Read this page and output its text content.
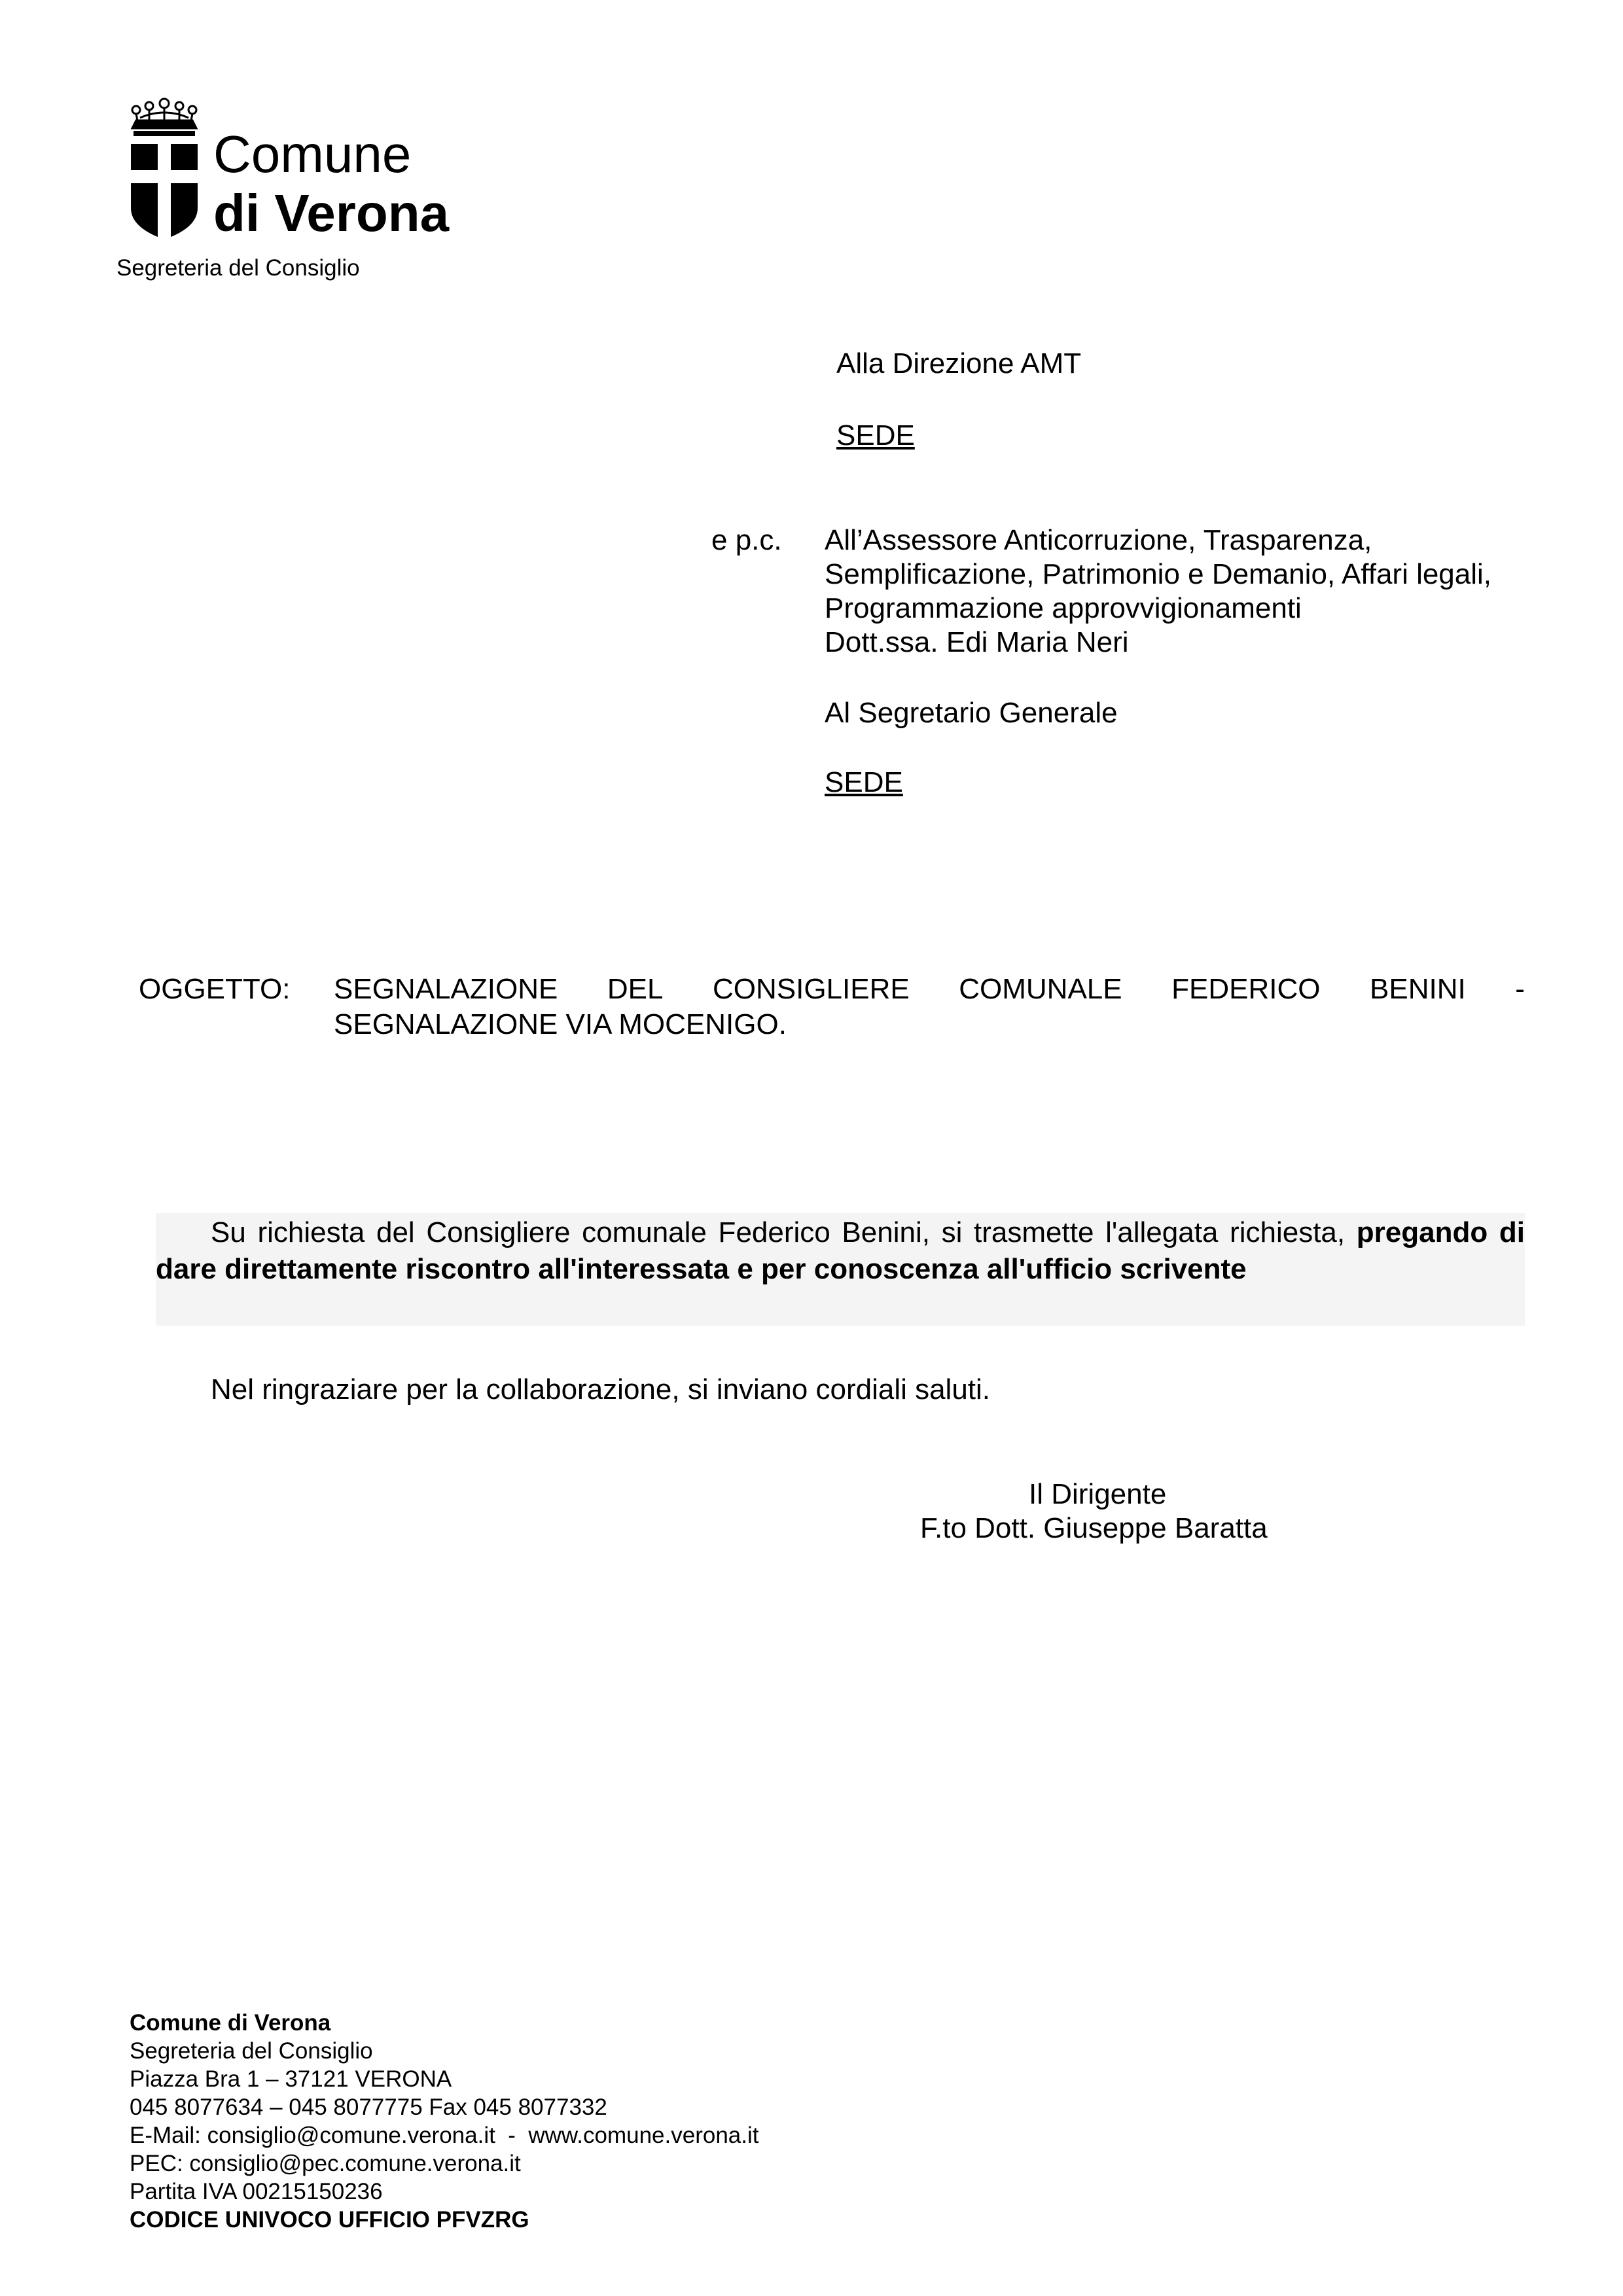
Comune
di Verona
Segreteria del Consiglio
Alla Direzione AMT
SEDE
e p.c. All’Assessore Anticorruzione, Trasparenza,
Semplificazione, Patrimonio e Demanio, Affari legali,
Programmazione approvvigionamenti
Dott.ssa. Edi Maria Neri
Al Segretario Generale
SEDE
OGGETTO: SEGNALAZIONE DEL CONSIGLIERE COMUNALE FEDERICO BENINI -
SEGNALAZIONE VIA MOCENIGO.
Su richiesta del Consigliere comunale Federico Benini, si trasmette l'allegata richiesta, pregando di dare direttamente riscontro all'interessata e per conoscenza all'ufficio scrivente
Nel ringraziare per la collaborazione, si inviano cordiali saluti.
Il Dirigente
F.to Dott. Giuseppe Baratta
Comune di Verona
Segreteria del Consiglio
Piazza Bra 1 – 37121 VERONA
045 8077634 – 045 8077775 Fax 045 8077332
E-Mail: consiglio@comune.verona.it  -  www.comune.verona.it
PEC: consiglio@pec.comune.verona.it
Partita IVA 00215150236
CODICE UNIVOCO UFFICIO PFVZRG
